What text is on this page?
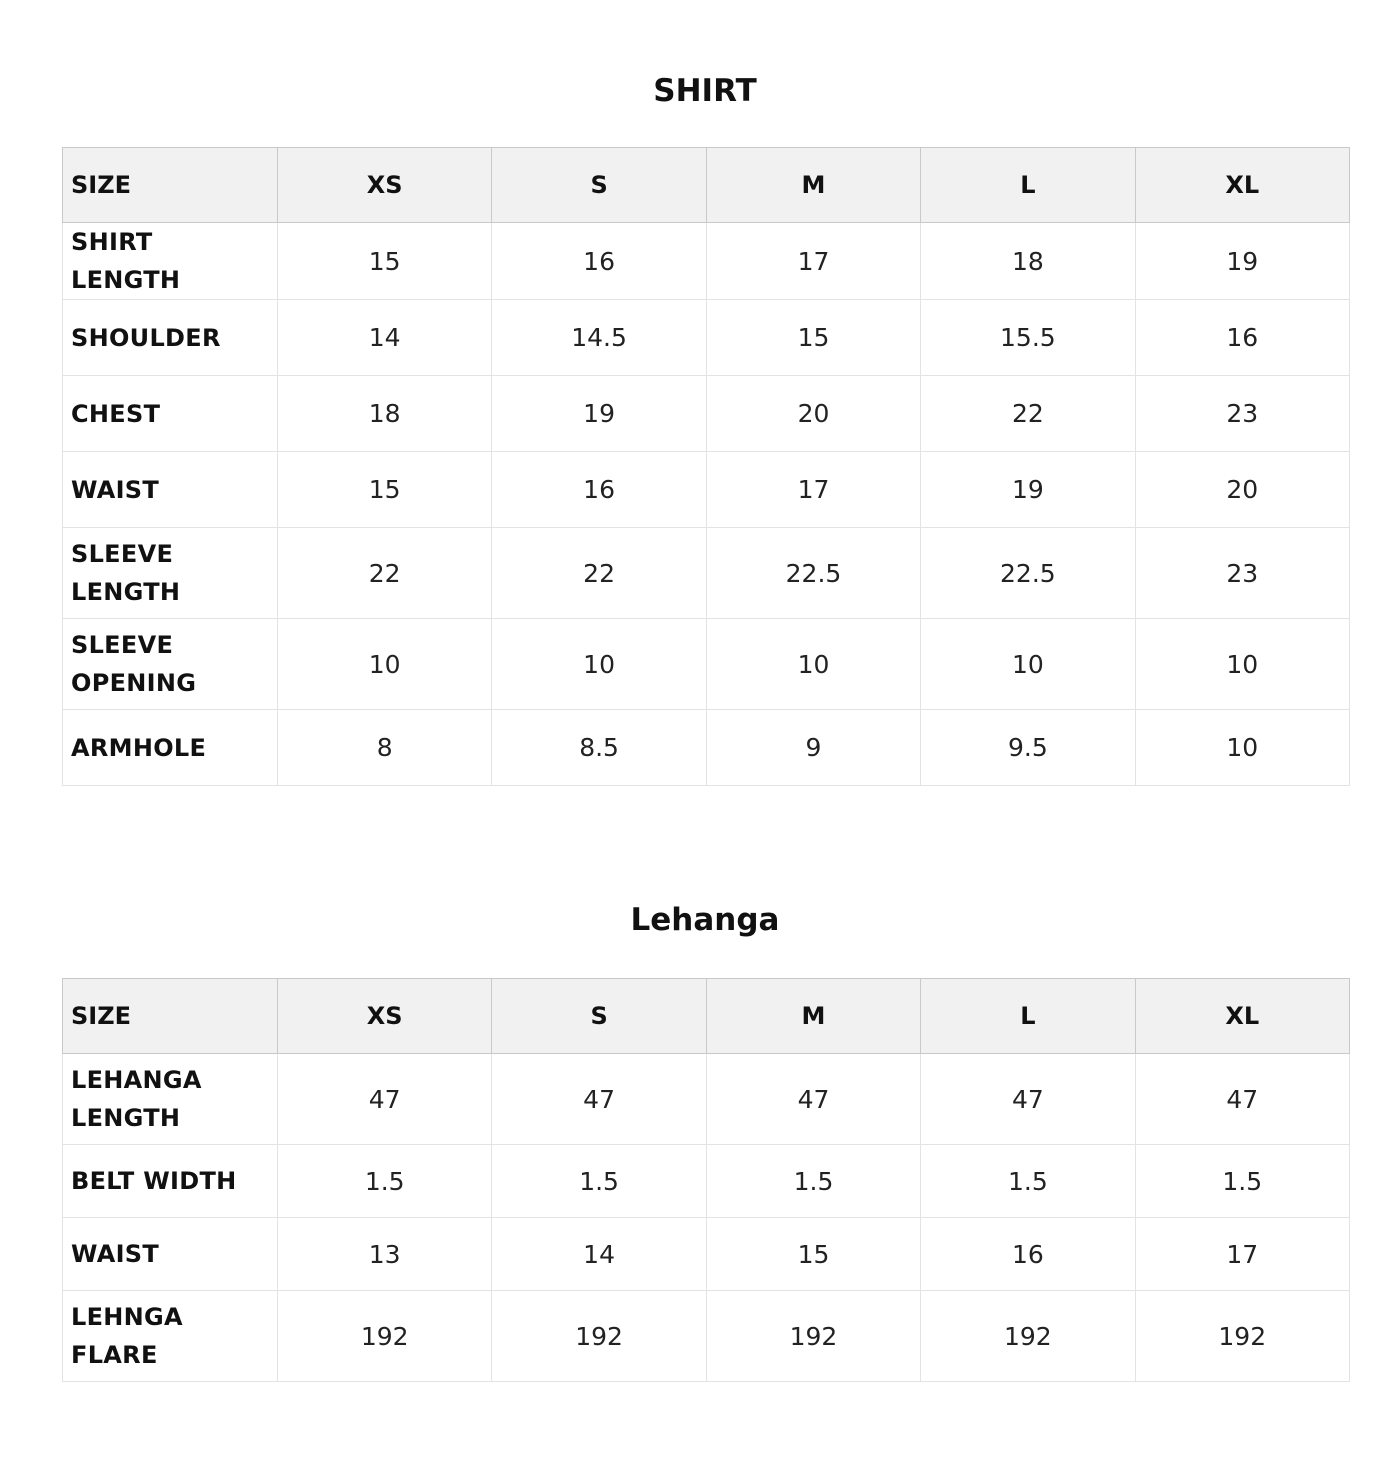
SHIRT
SIZE	XS	S	M	L	XL
SHIRT LENGTH	15	16	17	18	19
SHOULDER	14	14.5	15	15.5	16
CHEST	18	19	20	22	23
WAIST	15	16	17	19	20
SLEEVE LENGTH	22	22	22.5	22.5	23
SLEEVE OPENING	10	10	10	10	10
ARMHOLE	8	8.5	9	9.5	10
Lehanga
SIZE	XS	S	M	L	XL
LEHANGA LENGTH	47	47	47	47	47
BELT WIDTH	1.5	1.5	1.5	1.5	1.5
WAIST	13	14	15	16	17
LEHNGA FLARE	192	192	192	192	192
